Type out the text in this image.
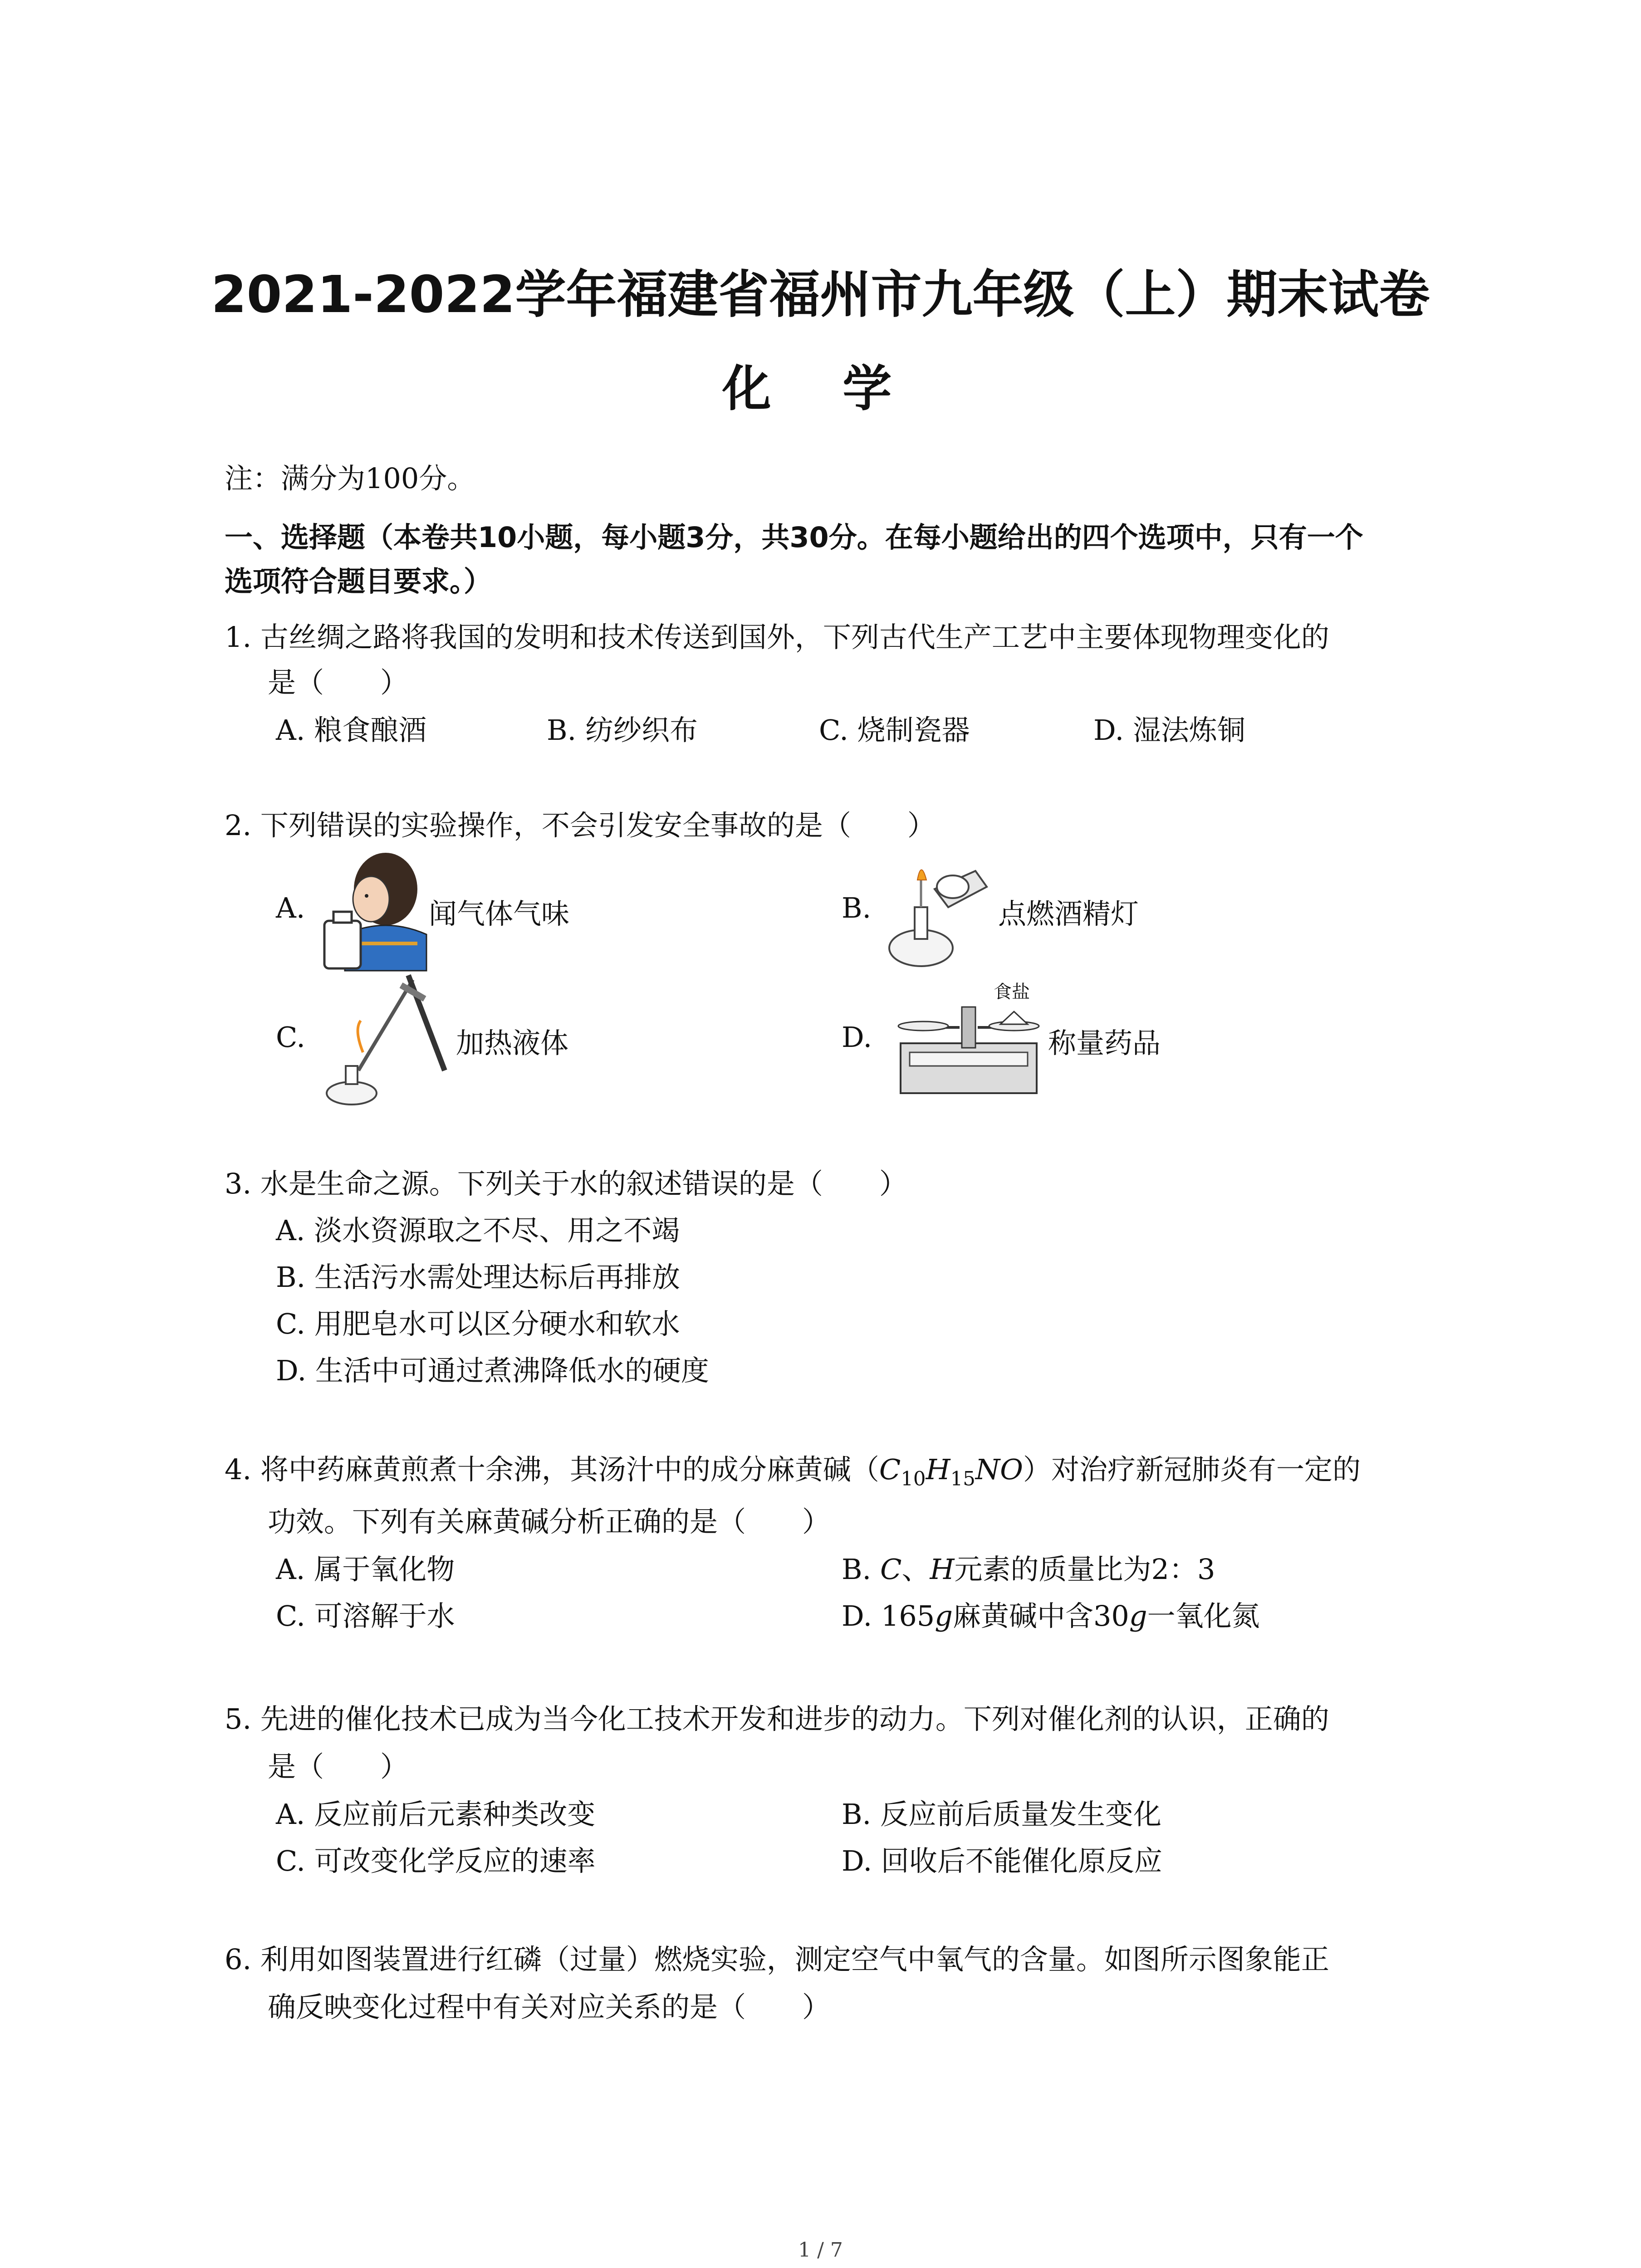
2021-2022学年福建省福州市九年级（上）期末试卷
化 学
注：满分为100分。
一、选择题（本卷共10小题，每小题3分，共30分。在每小题给出的四个选项中，只有一个
选项符合题目要求。）
1. 古丝绸之路将我国的发明和技术传送到国外，下列古代生产工艺中主要体现物理变化的
是（　　）
A. 粮食酿酒	B. 纺纱织布	C. 烧制瓷器	D. 湿法炼铜
2. 下列错误的实验操作，不会引发安全事故的是（　　）
A.	闻气体气味	B.	点燃酒精灯
C.	加热液体	D.
食盐
称量药品
3. 水是生命之源。下列关于水的叙述错误的是（　　）
A. 淡水资源取之不尽、用之不竭
B. 生活污水需处理达标后再排放
C. 用肥皂水可以区分硬水和软水
D. 生活中可通过煮沸降低水的硬度
4. 将中药麻黄煎煮十余沸，其汤汁中的成分麻黄碱$(C_{10}H_{15}NO)$对治疗新冠肺炎有一定的
功效。下列有关麻黄碱分析正确的是（　　）
A. 属于氧化物	B. C、H元素的质量比为2：3
C. 可溶解于水	D. 165g麻黄碱中含30g一氧化氮
5. 先进的催化技术已成为当今化工技术开发和进步的动力。下列对催化剂的认识，正确的
是（　　）
A. 反应前后元素种类改变	B. 反应前后质量发生变化
C. 可改变化学反应的速率	D. 回收后不能催化原反应
6. 利用如图装置进行红磷（过量）燃烧实验，测定空气中氧气的含量。如图所示图象能正
确反映变化过程中有关对应关系的是（　　）
1 / 7
